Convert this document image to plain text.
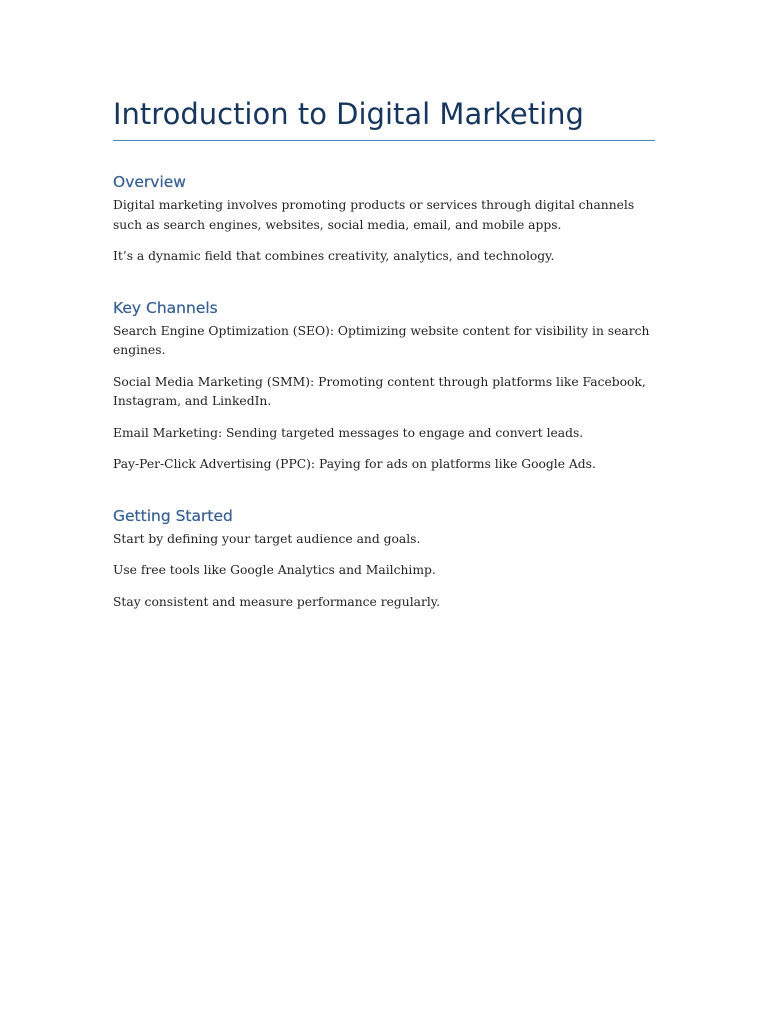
Introduction to Digital Marketing
Overview

Digital marketing involves promoting products or services through digital channels such as search engines, websites, social media, email, and mobile apps.

It’s a dynamic field that combines creativity, analytics, and technology.

Key Channels

Search Engine Optimization (SEO): Optimizing website content for visibility in search engines.

Social Media Marketing (SMM): Promoting content through platforms like Facebook, Instagram, and LinkedIn.

Email Marketing: Sending targeted messages to engage and convert leads.

Pay-Per-Click Advertising (PPC): Paying for ads on platforms like Google Ads.

Getting Started

Start by defining your target audience and goals.

Use free tools like Google Analytics and Mailchimp.

Stay consistent and measure performance regularly.
